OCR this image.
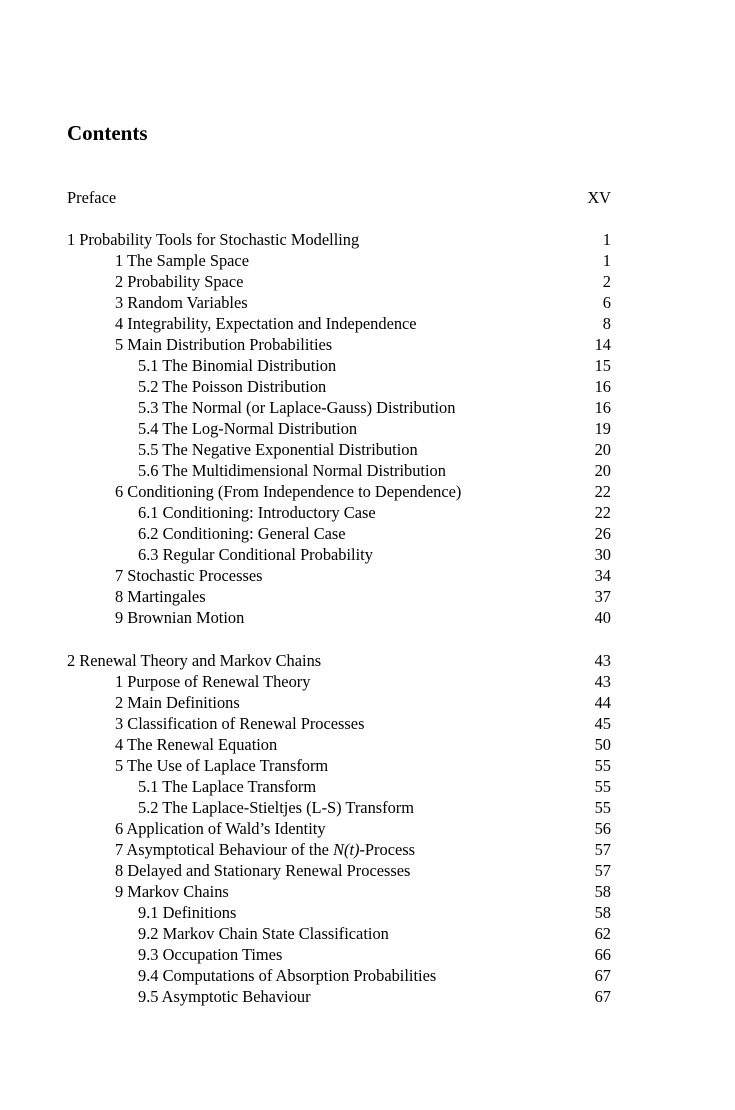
Contents
Preface	XV
1 Probability Tools for Stochastic Modelling	1
1 The Sample Space	1
2 Probability Space	2
3 Random Variables	6
4 Integrability, Expectation and Independence	8
5 Main Distribution Probabilities	14
5.1 The Binomial Distribution	15
5.2 The Poisson Distribution	16
5.3 The Normal (or Laplace-Gauss) Distribution	16
5.4 The Log-Normal Distribution	19
5.5 The Negative Exponential Distribution	20
5.6 The Multidimensional Normal Distribution	20
6 Conditioning (From Independence to Dependence)	22
6.1 Conditioning: Introductory Case	22
6.2 Conditioning: General Case	26
6.3 Regular Conditional Probability	30
7 Stochastic Processes	34
8 Martingales	37
9 Brownian Motion	40
2 Renewal Theory and Markov Chains	43
1 Purpose of Renewal Theory	43
2 Main Definitions	44
3 Classification of Renewal Processes	45
4 The Renewal Equation	50
5 The Use of Laplace Transform	55
5.1 The Laplace Transform	55
5.2 The Laplace-Stieltjes (L-S) Transform	55
6 Application of Wald’s Identity	56
7 Asymptotical Behaviour of the N(t)-Process	57
8 Delayed and Stationary Renewal Processes	57
9 Markov Chains	58
9.1 Definitions	58
9.2 Markov Chain State Classification	62
9.3 Occupation Times	66
9.4 Computations of Absorption Probabilities	67
9.5 Asymptotic Behaviour	67
